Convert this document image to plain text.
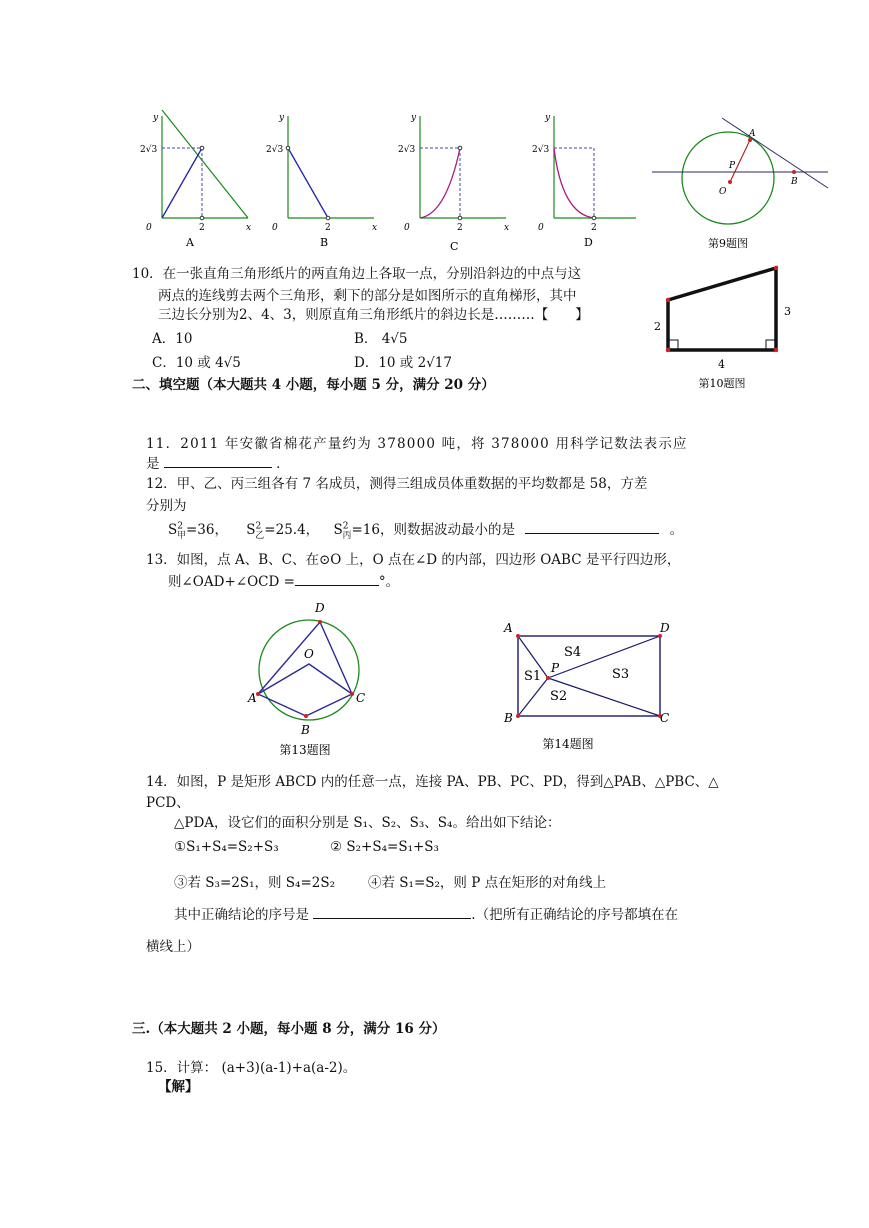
y
x
0
2√3
2
A
y
x
0
2√3
2
B
y
x
0
2√3
2
C
y
0
2√3
2
D
A
P
O
B
第9题图
10．在一张直角三角形纸片的两直角边上各取一点，分别沿斜边的中点与这
两点的连线剪去两个三角形，剩下的部分是如图所示的直角梯形，其中
三边长分别为2、4、3，则原直角三角形纸片的斜边长是………【　　】
A．10	B． 4√5
C．10 或 4√5	D．10 或 2√17
2
3
4
第10题图
二、填空题（本大题共 4 小题，每小题 5 分，满分 20 分）
11．2011 年安徽省棉花产量约为 378000 吨，将 378000 用科学记数法表示应
是	．
12．甲、乙、丙三组各有 7 名成员，测得三组成员体重数据的平均数都是 58，方差
分别为
$S^2_甲=36$， $S^2_乙=25.4$， $S^2_丙=16$，则数据波动最小的是	。
13．如图，点 A、B、C、在⊙O 上，O 点在∠D 的内部，四边形 OABC 是平行四边形，
则∠OAD+∠OCD =	°。
D
O
A	C
B
第13题图
A	D
B	C
P
S4
S1	S3
S2
第14题图
14．如图，P 是矩形 ABCD 内的任意一点，连接 PA、PB、PC、PD，得到△PAB、△PBC、△
PCD、
△PDA，设它们的面积分别是 S₁、S₂、S₃、S₄。给出如下结论：
①S₁+S₄=S₂+S₃	② S₂+S₄=S₁+S₃
③若 S₃=2S₁，则 S₄=2S₂ ④若 S₁=S₂，则 P 点在矩形的对角线上
其中正确结论的序号是	.（把所有正确结论的序号都填在在
横线上）
三.（本大题共 2 小题，每小题 8 分，满分 16 分）
15．计算： (a+3)(a-1)+a(a-2)。
【解】
